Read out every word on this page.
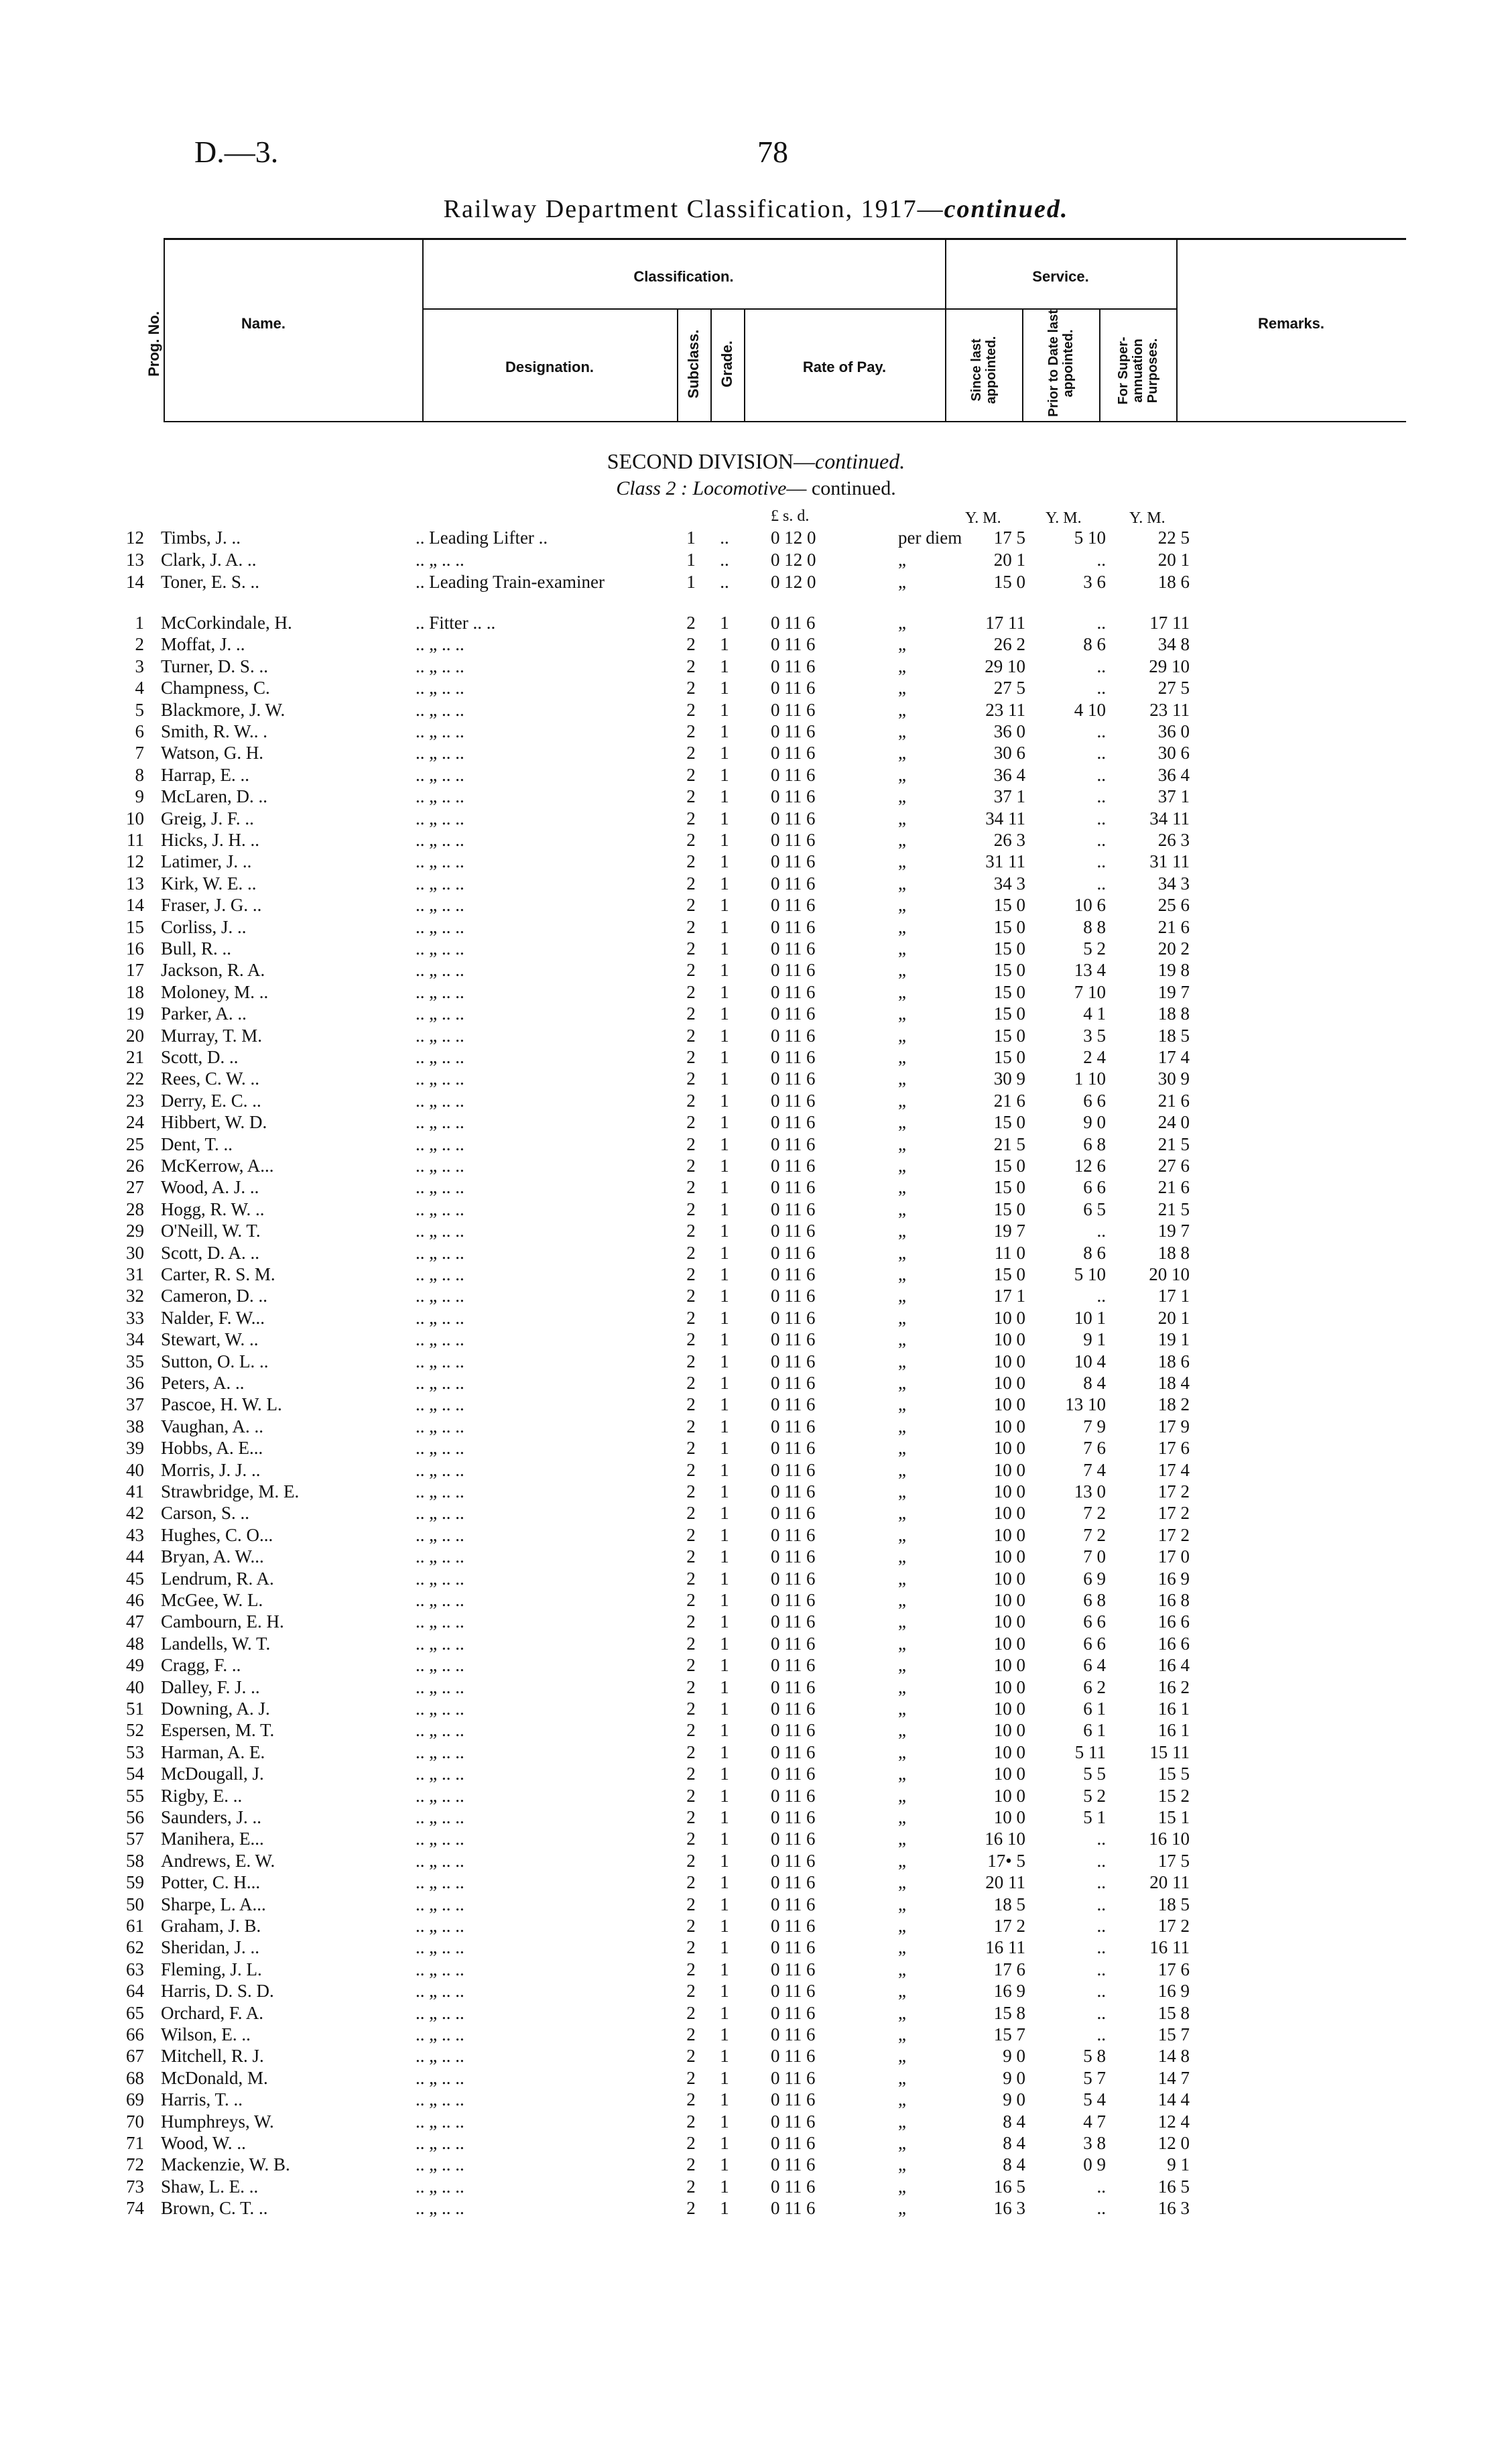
D.—3.	78
Railway Department Classification, 1917—continued.
Prog. No.	Name.
Classification.
Designation.	Subclass. Grade.	Rate of Pay.
Service.
Since last appointed.	Prior to Date last appointed.	For Super-annuation Purposes.
Remarks.
SECOND DIVISION—continued.
Class 2 : Locomotive— continued.
£ s. d.	Y. M.	Y. M.	Y. M.
12 Timbs, J. ..	.. Leading Lifter ..	1 .. 0 12 0	per diem	17 5	5 10	22 5
13 Clark, J. A. ..	.. „ .. ..	1 .. 0 12 0	„	20 1	..	20 1
14 Toner, E. S. ..	.. Leading Train-examiner	1 .. 0 12 0	„	15 0	3 6	18 6
1 McCorkindale, H.	.. Fitter .. ..	2 1 0 11 6	„	17 11	..	17 11
2 Moffat, J. ..	.. „ .. ..	2 1 0 11 6	„	26 2	8 6	34 8
3 Turner, D. S. ..	.. „ .. ..	2 1 0 11 6	„	29 10	..	29 10
4 Champness, C.	.. „ .. ..	2 1 0 11 6	„	27 5	..	27 5
5 Blackmore, J. W.	.. „ .. ..	2 1 0 11 6	„	23 11	4 10	23 11
6 Smith, R. W.. .	.. „ .. ..	2 1 0 11 6	„	36 0	..	36 0
7 Watson, G. H.	.. „ .. ..	2 1 0 11 6	„	30 6	..	30 6
8 Harrap, E. ..	.. „ .. ..	2 1 0 11 6	„	36 4	..	36 4
9 McLaren, D. ..	.. „ .. ..	2 1 0 11 6	„	37 1	..	37 1
10 Greig, J. F. ..	.. „ .. ..	2 1 0 11 6	„	34 11	..	34 11
11 Hicks, J. H. ..	.. „ .. ..	2 1 0 11 6	„	26 3	..	26 3
12 Latimer, J. ..	.. „ .. ..	2 1 0 11 6	„	31 11	..	31 11
13 Kirk, W. E. ..	.. „ .. ..	2 1 0 11 6	„	34 3	..	34 3
14 Fraser, J. G. ..	.. „ .. ..	2 1 0 11 6	„	15 0	10 6	25 6
15 Corliss, J. ..	.. „ .. ..	2 1 0 11 6	„	15 0	8 8	21 6
16 Bull, R. ..	.. „ .. ..	2 1 0 11 6	„	15 0	5 2	20 2
17 Jackson, R. A.	.. „ .. ..	2 1 0 11 6	„	15 0	13 4	19 8
18 Moloney, M. ..	.. „ .. ..	2 1 0 11 6	„	15 0	7 10	19 7
19 Parker, A. ..	.. „ .. ..	2 1 0 11 6	„	15 0	4 1	18 8
20 Murray, T. M.	.. „ .. ..	2 1 0 11 6	„	15 0	3 5	18 5
21 Scott, D. ..	.. „ .. ..	2 1 0 11 6	„	15 0	2 4	17 4
22 Rees, C. W. ..	.. „ .. ..	2 1 0 11 6	„	30 9	1 10	30 9
23 Derry, E. C. ..	.. „ .. ..	2 1 0 11 6	„	21 6	6 6	21 6
24 Hibbert, W. D.	.. „ .. ..	2 1 0 11 6	„	15 0	9 0	24 0
25 Dent, T. ..	.. „ .. ..	2 1 0 11 6	„	21 5	6 8	21 5
26 McKerrow, A...	.. „ .. ..	2 1 0 11 6	„	15 0	12 6	27 6
27 Wood, A. J. ..	.. „ .. ..	2 1 0 11 6	„	15 0	6 6	21 6
28 Hogg, R. W. ..	.. „ .. ..	2 1 0 11 6	„	15 0	6 5	21 5
29 O'Neill, W. T.	.. „ .. ..	2 1 0 11 6	„	19 7	..	19 7
30 Scott, D. A. ..	.. „ .. ..	2 1 0 11 6	„	11 0	8 6	18 8
31 Carter, R. S. M.	.. „ .. ..	2 1 0 11 6	„	15 0	5 10	20 10
32 Cameron, D. ..	.. „ .. ..	2 1 0 11 6	„	17 1	..	17 1
33 Nalder, F. W...	.. „ .. ..	2 1 0 11 6	„	10 0	10 1	20 1
34 Stewart, W. ..	.. „ .. ..	2 1 0 11 6	„	10 0	9 1	19 1
35 Sutton, O. L. ..	.. „ .. ..	2 1 0 11 6	„	10 0	10 4	18 6
36 Peters, A. ..	.. „ .. ..	2 1 0 11 6	„	10 0	8 4	18 4
37 Pascoe, H. W. L.	.. „ .. ..	2 1 0 11 6	„	10 0	13 10	18 2
38 Vaughan, A. ..	.. „ .. ..	2 1 0 11 6	„	10 0	7 9	17 9
39 Hobbs, A. E...	.. „ .. ..	2 1 0 11 6	„	10 0	7 6	17 6
40 Morris, J. J. ..	.. „ .. ..	2 1 0 11 6	„	10 0	7 4	17 4
41 Strawbridge, M. E.	.. „ .. ..	2 1 0 11 6	„	10 0	13 0	17 2
42 Carson, S. ..	.. „ .. ..	2 1 0 11 6	„	10 0	7 2	17 2
43 Hughes, C. O...	.. „ .. ..	2 1 0 11 6	„	10 0	7 2	17 2
44 Bryan, A. W...	.. „ .. ..	2 1 0 11 6	„	10 0	7 0	17 0
45 Lendrum, R. A.	.. „ .. ..	2 1 0 11 6	„	10 0	6 9	16 9
46 McGee, W. L.	.. „ .. ..	2 1 0 11 6	„	10 0	6 8	16 8
47 Cambourn, E. H.	.. „ .. ..	2 1 0 11 6	„	10 0	6 6	16 6
48 Landells, W. T.	.. „ .. ..	2 1 0 11 6	„	10 0	6 6	16 6
49 Cragg, F. ..	.. „ .. ..	2 1 0 11 6	„	10 0	6 4	16 4
40 Dalley, F. J. ..	.. „ .. ..	2 1 0 11 6	„	10 0	6 2	16 2
51 Downing, A. J.	.. „ .. ..	2 1 0 11 6	„	10 0	6 1	16 1
52 Espersen, M. T.	.. „ .. ..	2 1 0 11 6	„	10 0	6 1	16 1
53 Harman, A. E.	.. „ .. ..	2 1 0 11 6	„	10 0	5 11	15 11
54 McDougall, J.	.. „ .. ..	2 1 0 11 6	„	10 0	5 5	15 5
55 Rigby, E. ..	.. „ .. ..	2 1 0 11 6	„	10 0	5 2	15 2
56 Saunders, J. ..	.. „ .. ..	2 1 0 11 6	„	10 0	5 1	15 1
57 Manihera, E...	.. „ .. ..	2 1 0 11 6	„	16 10	..	16 10
58 Andrews, E. W.	.. „ .. ..	2 1 0 11 6	„	17• 5	..	17 5
59 Potter, C. H...	.. „ .. ..	2 1 0 11 6	„	20 11	..	20 11
50 Sharpe, L. A...	.. „ .. ..	2 1 0 11 6	„	18 5	..	18 5
61 Graham, J. B.	.. „ .. ..	2 1 0 11 6	„	17 2	..	17 2
62 Sheridan, J. ..	.. „ .. ..	2 1 0 11 6	„	16 11	..	16 11
63 Fleming, J. L.	.. „ .. ..	2 1 0 11 6	„	17 6	..	17 6
64 Harris, D. S. D.	.. „ .. ..	2 1 0 11 6	„	16 9	..	16 9
65 Orchard, F. A.	.. „ .. ..	2 1 0 11 6	„	15 8	..	15 8
66 Wilson, E. ..	.. „ .. ..	2 1 0 11 6	„	15 7	..	15 7
67 Mitchell, R. J.	.. „ .. ..	2 1 0 11 6	„	9 0	5 8	14 8
68 McDonald, M.	.. „ .. ..	2 1 0 11 6	„	9 0	5 7	14 7
69 Harris, T. ..	.. „ .. ..	2 1 0 11 6	„	9 0	5 4	14 4
70 Humphreys, W.	.. „ .. ..	2 1 0 11 6	„	8 4	4 7	12 4
71 Wood, W. ..	.. „ .. ..	2 1 0 11 6	„	8 4	3 8	12 0
72 Mackenzie, W. B.	.. „ .. ..	2 1 0 11 6	„	8 4	0 9	9 1
73 Shaw, L. E. ..	.. „ .. ..	2 1 0 11 6	„	16 5	..	16 5
74 Brown, C. T. ..	.. „ .. ..	2 1 0 11 6	„	16 3	..	16 3
